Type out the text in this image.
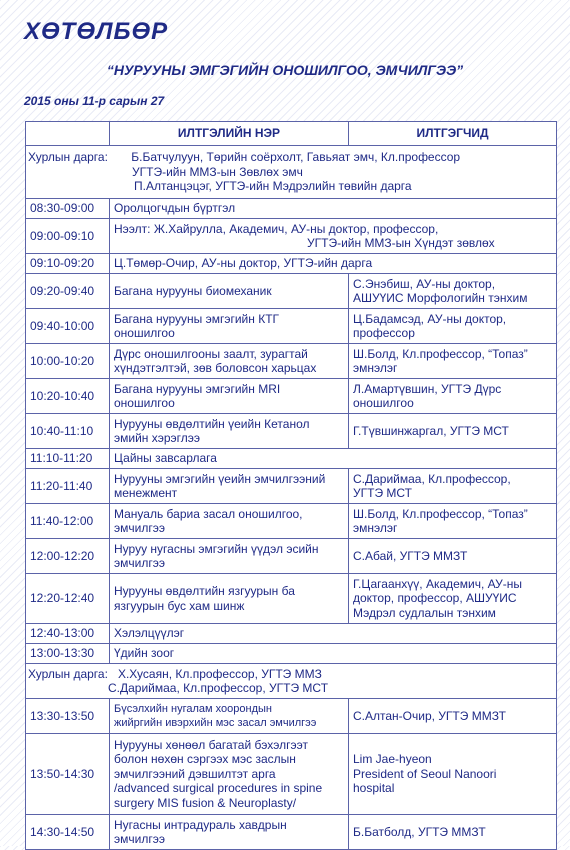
ХӨТӨЛБӨР
“НУРУУНЫ ЭМГЭГИЙН ОНОШИЛГОО, ЭМЧИЛГЭЭ”
2015 оны 11-р сарын 27
	ИЛТГЭЛИЙН НЭР	ИЛТГЭГЧИД
Хурлын дарга: Б.Батчулуун, Төрийн соёрхолт, Гавьяат эмч, Кл.профессор
УГТЭ-ийн ММЗ-ын Зөвлөх эмч
П.Алтанцэцэг, УГТЭ-ийн Мэдрэлийн төвийн дарга		

08:30-09:00	Оролцогчдын бүртгэл	
09:00-09:10	Нээлт: Ж.Хайрулла, Академич, АУ-ны доктор, профессор,
УГТЭ-ийн ММЗ-ын Хүндэт зөвлөх	

09:10-09:20	Ц.Төмөр-Очир, АУ-ны доктор, УГТЭ-ийн дарга	
09:20-09:40	Багана нурууны биомеханик	С.Энэбиш, АУ-ны доктор,
АШУҮИС Морфологийн тэнхим

09:40-10:00	Багана нурууны эмгэгийн КТГ
оношилгоо	Ц.Бадамсэд, АУ-ны доктор,
профессор

10:00-10:20	Дүрс оношилгооны заалт, зурагтай
хүндэтгэлтэй, зөв боловсон харьцах	Ш.Болд, Кл.профессор, “Топаз”
эмнэлэг

10:20-10:40	Багана нурууны эмгэгийн MRI
оношилгоо	Л.Амартүвшин, УГТЭ Дүрс
оношилгоо

10:40-11:10	Нурууны өвдөлтийн үеийн Кетанол
эмийн хэрэглээ	Г.Түвшинжаргал, УГТЭ МСТ
11:10-11:20	Цайны завсарлага	
11:20-11:40	Нурууны эмгэгийн үеийн эмчилгээний
менежмент	С.Дариймаа, Кл.профессор,
УГТЭ МСТ

11:40-12:00	Мануаль бариа засал оношилгоо,
эмчилгээ	Ш.Болд, Кл.профессор, “Топаз”
эмнэлэг

12:00-12:20	Нуруу нугасны эмгэгийн үүдэл эсийн
эмчилгээ	С.Абай, УГТЭ ММЗТ
12:20-12:40	Нурууны өвдөлтийн язгуурын ба
язгуурын бус хам шинж	Г.Цагаанхүү, Академич, АУ-ны
доктор, профессор, АШУҮИС
Мэдрэл судлалын тэнхим

12:40-13:00	Хэлэлцүүлэг	
13:00-13:30	Үдийн зоог	
Хурлын дарга: Х.Хусаян, Кл.профессор, УГТЭ ММЗ
С.Дариймаа, Кл.профессор, УГТЭ МСТ		

13:30-13:50	Бүсэлхийн нугалам хоорондын
жийргийн ивэрхийн мэс засал эмчилгээ	С.Алтан-Очир, УГТЭ ММЗТ
13:50-14:30	Нурууны хөнөөл багатай бэхэлгээт
болон нөхөн сэргээх мэс заслын
эмчилгээний дэвшилтэт арга
/advanced surgical procedures in spine
surgery MIS fusion & Neuroplasty/	Lim Jae-hyeon
President of Seoul Nanoori
hospital

14:30-14:50	Нугасны интрадураль хавдрын
эмчилгээ	Б.Батболд, УГТЭ ММЗТ
